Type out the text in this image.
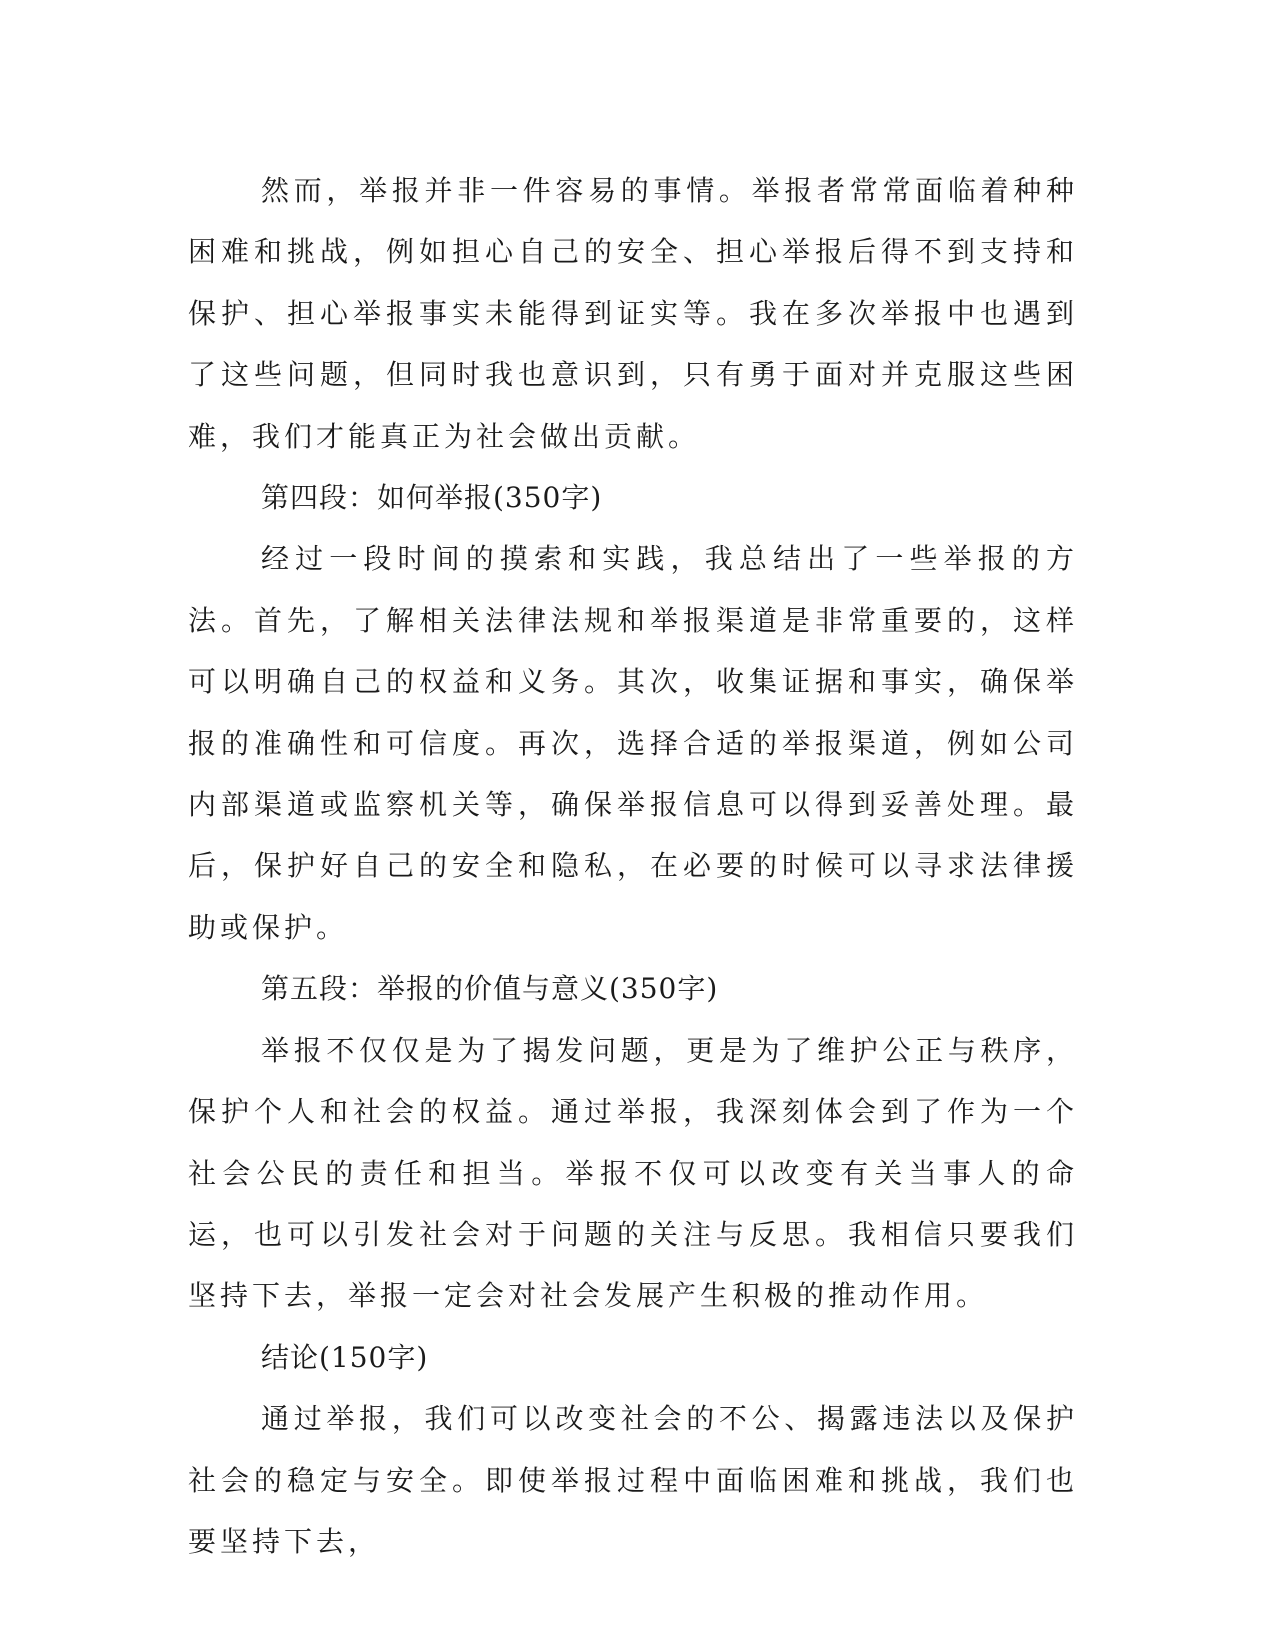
然而，举报并非一件容易的事情。举报者常常面临着种种困难和挑战，例如担心自己的安全、担心举报后得不到支持和保护、担心举报事实未能得到证实等。我在多次举报中也遇到了这些问题，但同时我也意识到，只有勇于面对并克服这些困难，我们才能真正为社会做出贡献。

第四段：如何举报(350字)

经过一段时间的摸索和实践，我总结出了一些举报的方法。首先，了解相关法律法规和举报渠道是非常重要的，这样可以明确自己的权益和义务。其次，收集证据和事实，确保举报的准确性和可信度。再次，选择合适的举报渠道，例如公司内部渠道或监察机关等，确保举报信息可以得到妥善处理。最后，保护好自己的安全和隐私，在必要的时候可以寻求法律援助或保护。

第五段：举报的价值与意义(350字)

举报不仅仅是为了揭发问题，更是为了维护公正与秩序，保护个人和社会的权益。通过举报，我深刻体会到了作为一个社会公民的责任和担当。举报不仅可以改变有关当事人的命运，也可以引发社会对于问题的关注与反思。我相信只要我们坚持下去，举报一定会对社会发展产生积极的推动作用。

结论(150字)

通过举报，我们可以改变社会的不公、揭露违法以及保护社会的稳定与安全。即使举报过程中面临困难和挑战，我们也要坚持下去，
